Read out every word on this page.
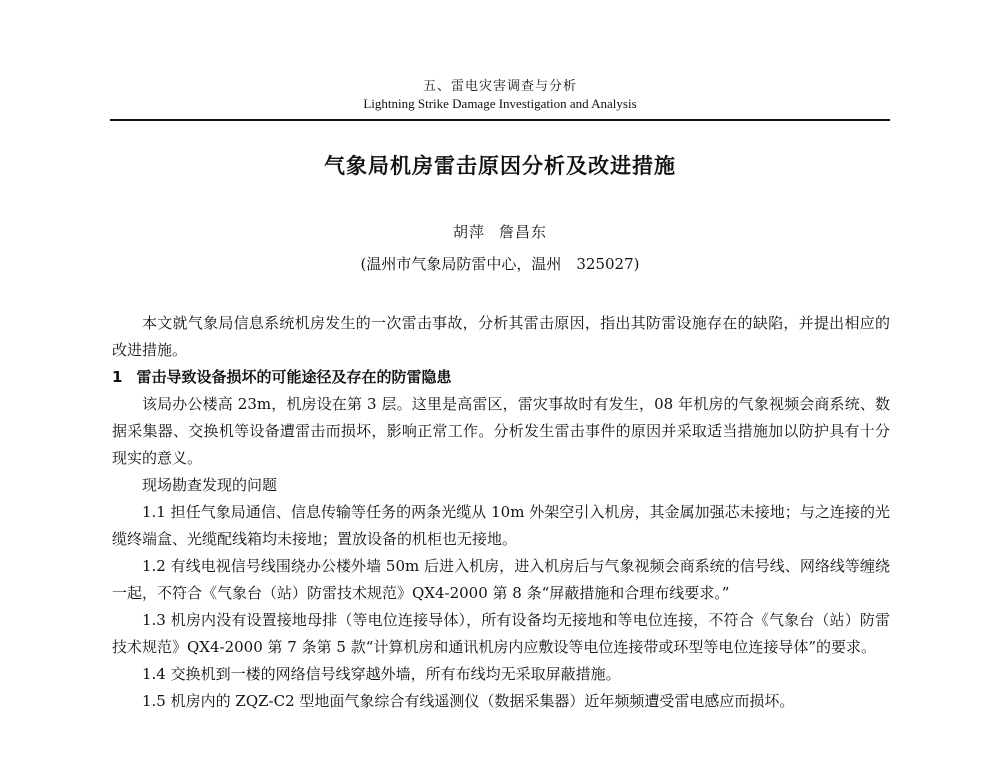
五、雷电灾害调查与分析
Lightning Strike Damage Investigation and Analysis
气象局机房雷击原因分析及改进措施
胡萍 詹昌东
(温州市气象局防雷中心，温州　325027)

本文就气象局信息系统机房发生的一次雷击事故，分析其雷击原因，指出其防雷设施存在的缺陷，并提出相应的改进措施。

1 雷击导致设备损坏的可能途径及存在的防雷隐患

该局办公楼高 23m，机房设在第 3 层。这里是高雷区，雷灾事故时有发生，08 年机房的气象视频会商系统、数据采集器、交换机等设备遭雷击而损坏，影响正常工作。分析发生雷击事件的原因并采取适当措施加以防护具有十分现实的意义。

现场勘查发现的问题

1.1 担任气象局通信、信息传输等任务的两条光缆从 10m 外架空引入机房，其金属加强芯未接地；与之连接的光缆终端盒、光缆配线箱均未接地；置放设备的机柜也无接地。

1.2 有线电视信号线围绕办公楼外墙 50m 后进入机房，进入机房后与气象视频会商系统的信号线、网络线等缠绕一起，不符合《气象台（站）防雷技术规范》QX4-2000 第 8 条“屏蔽措施和合理布线要求。”

1.3 机房内没有设置接地母排（等电位连接导体），所有设备均无接地和等电位连接，不符合《气象台（站）防雷技术规范》QX4-2000 第 7 条第 5 款“计算机房和通讯机房内应敷设等电位连接带或环型等电位连接导体”的要求。

1.4 交换机到一楼的网络信号线穿越外墙，所有布线均无采取屏蔽措施。

1.5 机房内的 ZQZ-C2 型地面气象综合有线遥测仪（数据采集器）近年频频遭受雷电感应而损坏。
